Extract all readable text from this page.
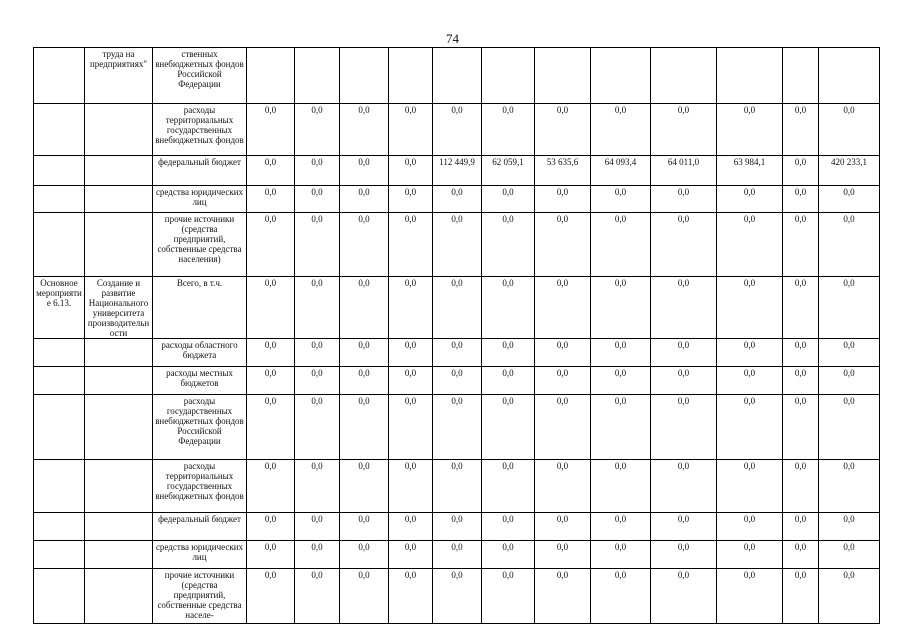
74
	труда на предприятиях"	ственных внебюджетных фондов Российской Федерации												
		расходы территориальных государственных внебюджетных фондов	0,0	0,0	0,0	0,0	0,0	0,0	0,0	0,0	0,0	0,0	0,0	0,0
		федеральный бюджет	0,0	0,0	0,0	0,0	112 449,9	62 059,1	53 635,6	64 093,4	64 011,0	63 984,1	0,0	420 233,1
		средства юридических лиц	0,0	0,0	0,0	0,0	0,0	0,0	0,0	0,0	0,0	0,0	0,0	0,0
		прочие источники (средства предприятий, собственные средства населения)	0,0	0,0	0,0	0,0	0,0	0,0	0,0	0,0	0,0	0,0	0,0	0,0
Основное мероприятие 6.13.	Создание и развитие Национального университета производительности	Всего, в т.ч.	0,0	0,0	0,0	0,0	0,0	0,0	0,0	0,0	0,0	0,0	0,0	0,0
		расходы областного бюджета	0,0	0,0	0,0	0,0	0,0	0,0	0,0	0,0	0,0	0,0	0,0	0,0
		расходы местных бюджетов	0,0	0,0	0,0	0,0	0,0	0,0	0,0	0,0	0,0	0,0	0,0	0,0
		расходы государственных внебюджетных фондов Российской Федерации	0,0	0,0	0,0	0,0	0,0	0,0	0,0	0,0	0,0	0,0	0,0	0,0
		расходы территориальных государственных внебюджетных фондов	0,0	0,0	0,0	0,0	0,0	0,0	0,0	0,0	0,0	0,0	0,0	0,0
		федеральный бюджет	0,0	0,0	0,0	0,0	0,0	0,0	0,0	0,0	0,0	0,0	0,0	0,0
		средства юридических лиц	0,0	0,0	0,0	0,0	0,0	0,0	0,0	0,0	0,0	0,0	0,0	0,0
		прочие источники (средства предприятий, собственные средства населе-	0,0	0,0	0,0	0,0	0,0	0,0	0,0	0,0	0,0	0,0	0,0	0,0
